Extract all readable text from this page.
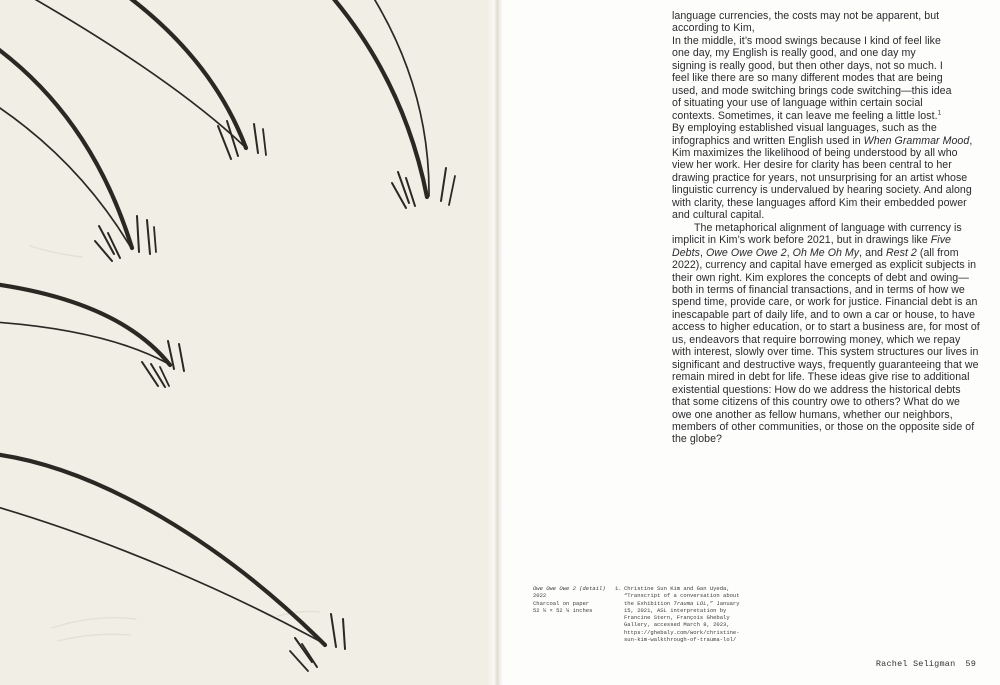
language currencies, the costs may not be apparent, but according to Kim,

In the middle, it’s mood swings because I kind of feel like one day, my English is really good, and one day my signing is really good, but then other days, not so much. I feel like there are so many different modes that are being used, and mode switching brings code switching—this idea of situating your use of language within certain social contexts. Sometimes, it can leave me feeling a little lost.$^1$

By employing established visual languages, such as the infographics and written English used in When Grammar Mood, Kim maximizes the likelihood of being understood by all who view her work. Her desire for clarity has been central to her drawing practice for years, not unsurprising for an artist whose linguistic currency is undervalued by hearing society. And along with clarity, these languages afford Kim their embedded power and cultural capital.

The metaphorical alignment of language with currency is implicit in Kim’s work before 2021, but in drawings like Five Debts, Owe Owe Owe 2, Oh Me Oh My, and Rest 2 (all from 2022), currency and capital have emerged as explicit subjects in their own right. Kim explores the concepts of debt and owing—both in terms of financial transactions, and in terms of how we spend time, provide care, or work for justice. Financial debt is an inescapable part of daily life, and to own a car or house, to have access to higher education, or to start a business are, for most of us, endeavors that require borrowing money, which we repay with interest, slowly over time. This system structures our lives in significant and destructive ways, frequently guaranteeing that we remain mired in debt for life. These ideas give rise to additional existential questions: How do we address the historical debts that some citizens of this country owe to others? What do we owe one another as fellow humans, whether our neighbors, members of other communities, or those on the opposite side of the globe?

Owe Owe Owe 2 (detail)
2022
Charcoal on paper
52 ¼ × 52 ¼ inches
1. Christine Sun Kim and Gan Uyeda, “Transcript of a conversation about the Exhibition Trauma LOL,” January 15, 2021, ASL interpretation by Francine Stern, François Ghebaly Gallery, accessed March 8, 2023, https://ghebaly.com/work/christine-sun-kim-walkthrough-of-trauma-lol/
Rachel Seligman 59
